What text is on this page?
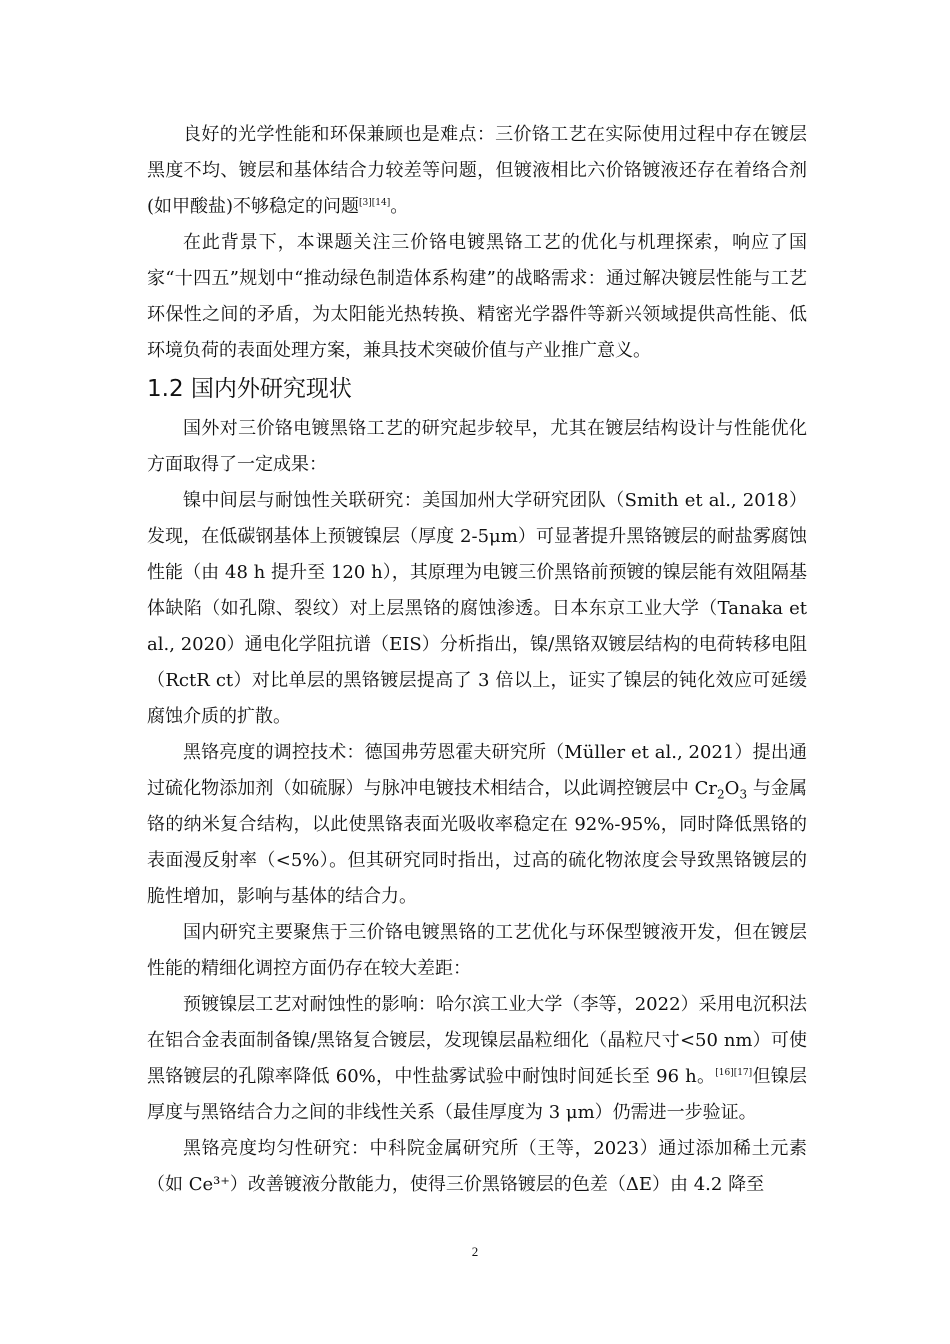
良好的光学性能和环保兼顾也是难点：三价铬工艺在实际使用过程中存在镀层黑度不均、镀层和基体结合力较差等问题，但镀液相比六价铬镀液还存在着络合剂(如甲酸盐)不够稳定的问题[3][14]。

在此背景下，本课题关注三价铬电镀黑铬工艺的优化与机理探索，响应了国家“十四五”规划中“推动绿色制造体系构建”的战略需求：通过解决镀层性能与工艺环保性之间的矛盾，为太阳能光热转换、精密光学器件等新兴领域提供高性能、低环境负荷的表面处理方案，兼具技术突破价值与产业推广意义。

1.2 国内外研究现状

国外对三价铬电镀黑铬工艺的研究起步较早，尤其在镀层结构设计与性能优化方面取得了一定成果：

镍中间层与耐蚀性关联研究：美国加州大学研究团队（Smith et al., 2018）发现，在低碳钢基体上预镀镍层（厚度 2-5μm）可显著提升黑铬镀层的耐盐雾腐蚀性能（由 48 h 提升至 120 h），其原理为电镀三价黑铬前预镀的镍层能有效阻隔基体缺陷（如孔隙、裂纹）对上层黑铬的腐蚀渗透。日本东京工业大学（Tanaka et al., 2020）通电化学阻抗谱（EIS）分析指出，镍/黑铬双镀层结构的电荷转移电阻（RctR ct）对比单层的黑铬镀层提高了 3 倍以上，证实了镍层的钝化效应可延缓腐蚀介质的扩散。

黑铬亮度的调控技术：德国弗劳恩霍夫研究所（Müller et al., 2021）提出通过硫化物添加剂（如硫脲）与脉冲电镀技术相结合，以此调控镀层中 $Cr_2O_3$ 与金属铬的纳米复合结构，以此使黑铬表面光吸收率稳定在 92%-95%，同时降低黑铬的表面漫反射率（<5%）。但其研究同时指出，过高的硫化物浓度会导致黑铬镀层的脆性增加，影响与基体的结合力。

国内研究主要聚焦于三价铬电镀黑铬的工艺优化与环保型镀液开发，但在镀层性能的精细化调控方面仍存在较大差距：

预镀镍层工艺对耐蚀性的影响：哈尔滨工业大学（李等，2022）采用电沉积法在铝合金表面制备镍/黑铬复合镀层，发现镍层晶粒细化（晶粒尺寸<50 nm）可使黑铬镀层的孔隙率降低 60%，中性盐雾试验中耐蚀时间延长至 96 h。[16][17]但镍层厚度与黑铬结合力之间的非线性关系（最佳厚度为 3 μm）仍需进一步验证。

黑铬亮度均匀性研究：中科院金属研究所（王等，2023）通过添加稀土元素（如 Ce³⁺）改善镀液分散能力，使得三价黑铬镀层的色差（ΔE）由 4.2 降至

2
